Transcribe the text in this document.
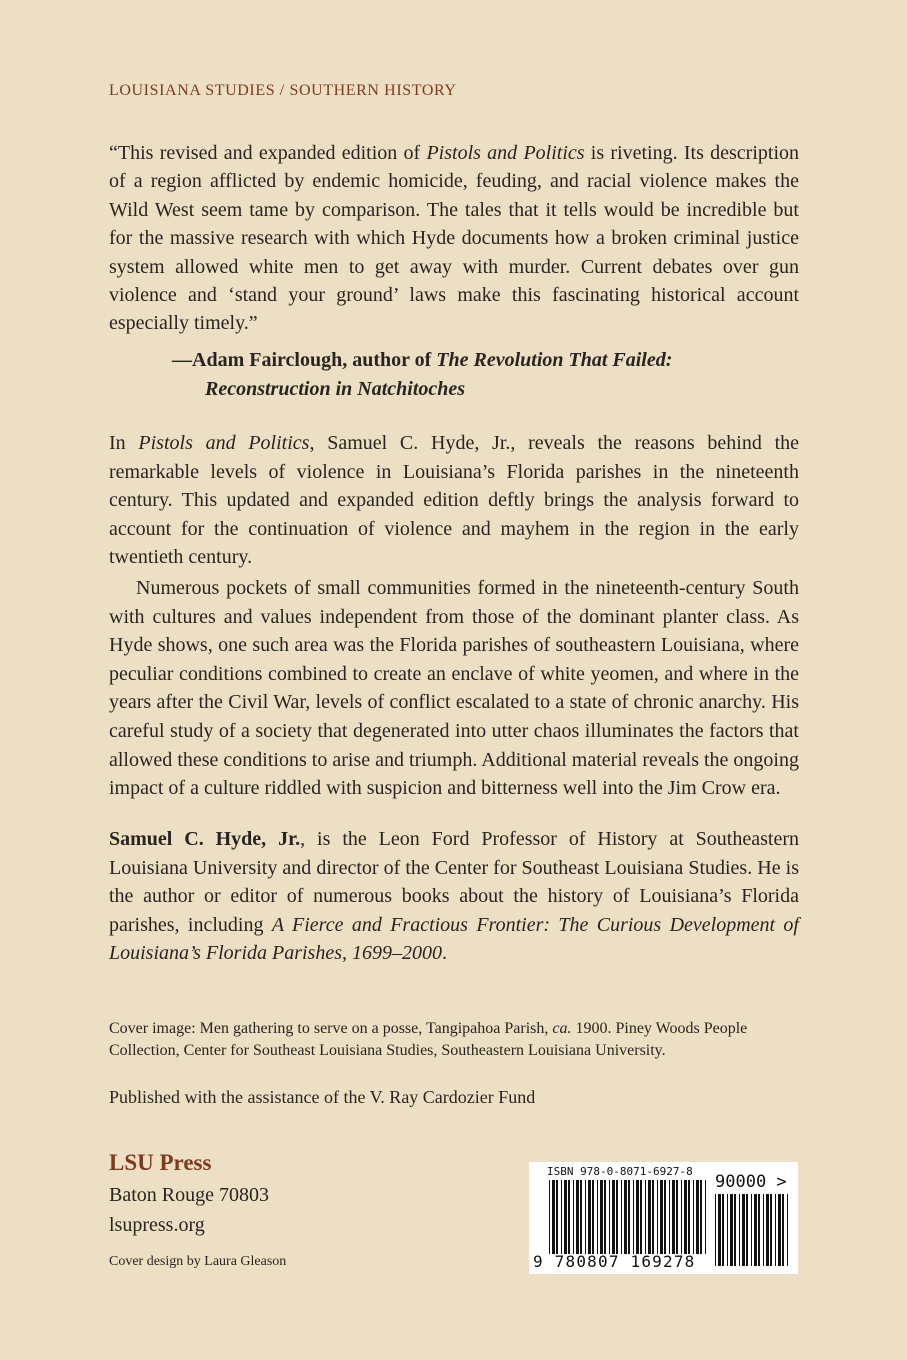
LOUISIANA STUDIES / SOUTHERN HISTORY

“This revised and expanded edition of Pistols and Politics is riveting. Its description of a region afflicted by endemic homicide, feuding, and racial violence makes the Wild West seem tame by comparison. The tales that it tells would be incredible but for the massive research with which Hyde documents how a broken criminal justice system allowed white men to get away with murder. Current debates over gun violence and ‘stand your ground’ laws make this fascinating historical account especially timely.”

—Adam Fairclough, author of The Revolution That Failed:
Reconstruction in Natchitoches

In Pistols and Politics, Samuel C. Hyde, Jr., reveals the reasons behind the remarkable levels of violence in Louisiana’s Florida parishes in the nineteenth century. This updated and expanded edition deftly brings the analysis forward to account for the continuation of violence and mayhem in the region in the early twentieth century.

Numerous pockets of small communities formed in the nineteenth-century South with cultures and values independent from those of the dominant planter class. As Hyde shows, one such area was the Florida parishes of southeastern Louisiana, where peculiar conditions combined to create an enclave of white yeomen, and where in the years after the Civil War, levels of conflict escalated to a state of chronic anarchy. His careful study of a society that degenerated into utter chaos illuminates the factors that allowed these conditions to arise and triumph. Additional material reveals the ongoing impact of a culture riddled with suspicion and bitterness well into the Jim Crow era.

Samuel C. Hyde, Jr., is the Leon Ford Professor of History at Southeastern Louisiana University and director of the Center for Southeast Louisiana Studies. He is the author or editor of numerous books about the history of Louisiana’s Florida parishes, including A Fierce and Fractious Frontier: The Curious Development of Louisiana’s Florida Parishes, 1699–2000.

Cover image: Men gathering to serve on a posse, Tangipahoa Parish, ca. 1900. Piney Woods People Collection, Center for Southeast Louisiana Studies, Southeastern Louisiana University.

Published with the assistance of the V. Ray Cardozier Fund
LSU Press
Baton Rouge 70803
lsupress.org
Cover design by Laura Gleason
ISBN 978-0-8071-6927-8
90000 >
9 780807 169278
